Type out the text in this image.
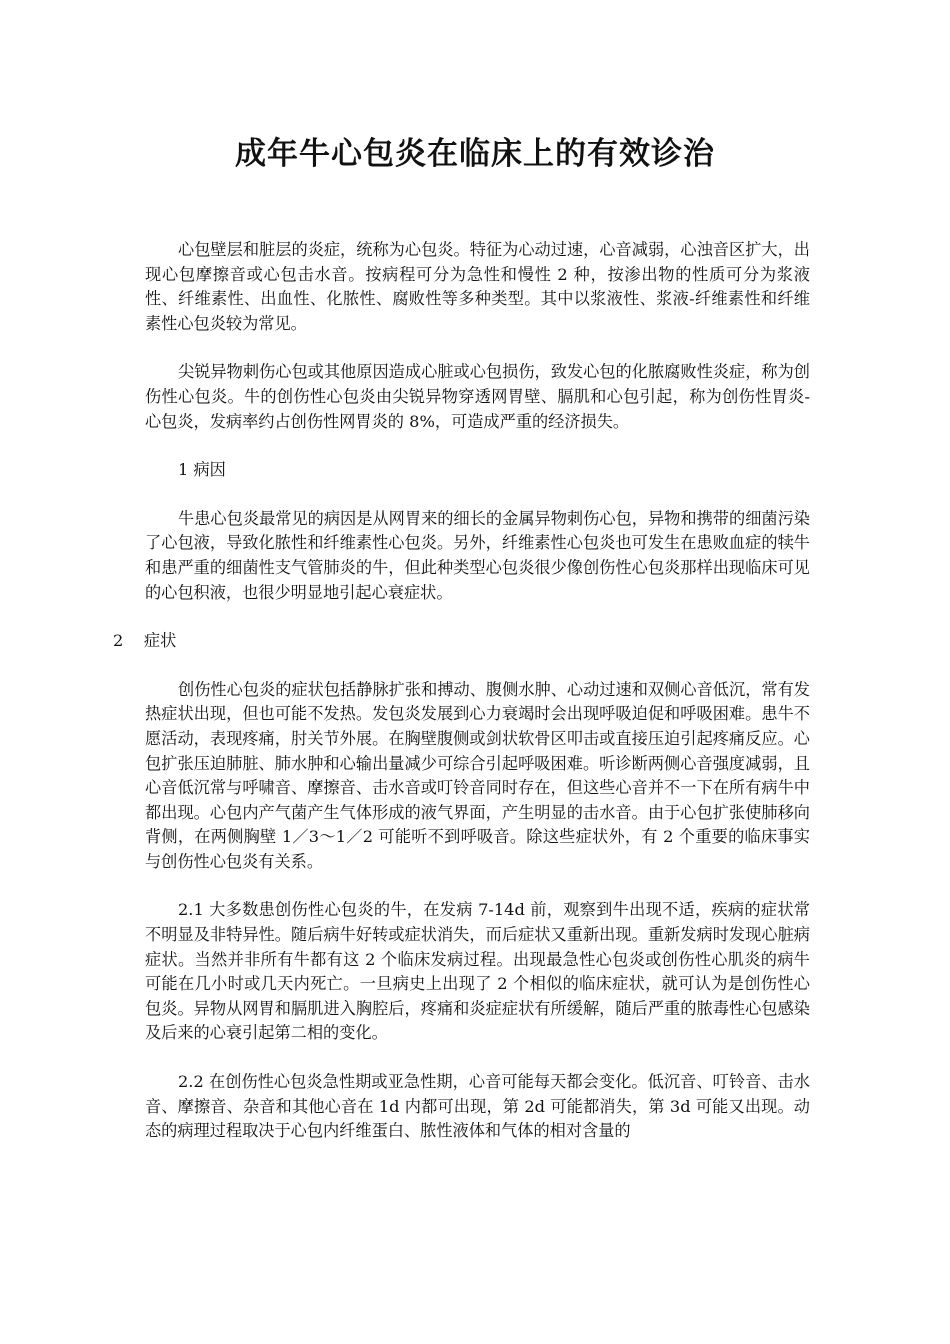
成年牛心包炎在临床上的有效诊治

心包壁层和脏层的炎症，统称为心包炎。特征为心动过速，心音减弱，心浊音区扩大，出现心包摩擦音或心包击水音。按病程可分为急性和慢性 2 种，按渗出物的性质可分为浆液性、纤维素性、出血性、化脓性、腐败性等多种类型。其中以浆液性、浆液-纤维素性和纤维素性心包炎较为常见。

尖锐异物刺伤心包或其他原因造成心脏或心包损伤，致发心包的化脓腐败性炎症，称为创伤性心包炎。牛的创伤性心包炎由尖锐异物穿透网胃壁、膈肌和心包引起，称为创伤性胃炎-心包炎，发病率约占创伤性网胃炎的 8%，可造成严重的经济损失。

1 病因

牛患心包炎最常见的病因是从网胃来的细长的金属异物刺伤心包，异物和携带的细菌污染了心包液，导致化脓性和纤维素性心包炎。另外，纤维素性心包炎也可发生在患败血症的犊牛和患严重的细菌性支气管肺炎的牛，但此种类型心包炎很少像创伤性心包炎那样出现临床可见的心包积液，也很少明显地引起心衰症状。

2    症状

创伤性心包炎的症状包括静脉扩张和搏动、腹侧水肿、心动过速和双侧心音低沉，常有发热症状出现，但也可能不发热。发包炎发展到心力衰竭时会出现呼吸迫促和呼吸困难。患牛不愿活动，表现疼痛，肘关节外展。在胸壁腹侧或剑状软骨区叩击或直接压迫引起疼痛反应。心包扩张压迫肺脏、肺水肿和心输出量减少可综合引起呼吸困难。听诊断两侧心音强度减弱，且心音低沉常与呼啸音、摩擦音、击水音或叮铃音同时存在，但这些心音并不一下在所有病牛中都出现。心包内产气菌产生气体形成的液气界面，产生明显的击水音。由于心包扩张使肺移向背侧，在两侧胸壁 1／3～1／2 可能听不到呼吸音。除这些症状外，有 2 个重要的临床事实与创伤性心包炎有关系。

2.1 大多数患创伤性心包炎的牛，在发病 7-14d 前，观察到牛出现不适，疾病的症状常不明显及非特异性。随后病牛好转或症状消失，而后症状又重新出现。重新发病时发现心脏病症状。当然并非所有牛都有这 2 个临床发病过程。出现最急性心包炎或创伤性心肌炎的病牛可能在几小时或几天内死亡。一旦病史上出现了 2 个相似的临床症状，就可认为是创伤性心包炎。异物从网胃和膈肌进入胸腔后，疼痛和炎症症状有所缓解，随后严重的脓毒性心包感染及后来的心衰引起第二相的变化。

2.2 在创伤性心包炎急性期或亚急性期，心音可能每天都会变化。低沉音、叮铃音、击水音、摩擦音、杂音和其他心音在 1d 内都可出现，第 2d 可能都消失，第 3d 可能又出现。动态的病理过程取决于心包内纤维蛋白、脓性液体和气体的相对含量的
